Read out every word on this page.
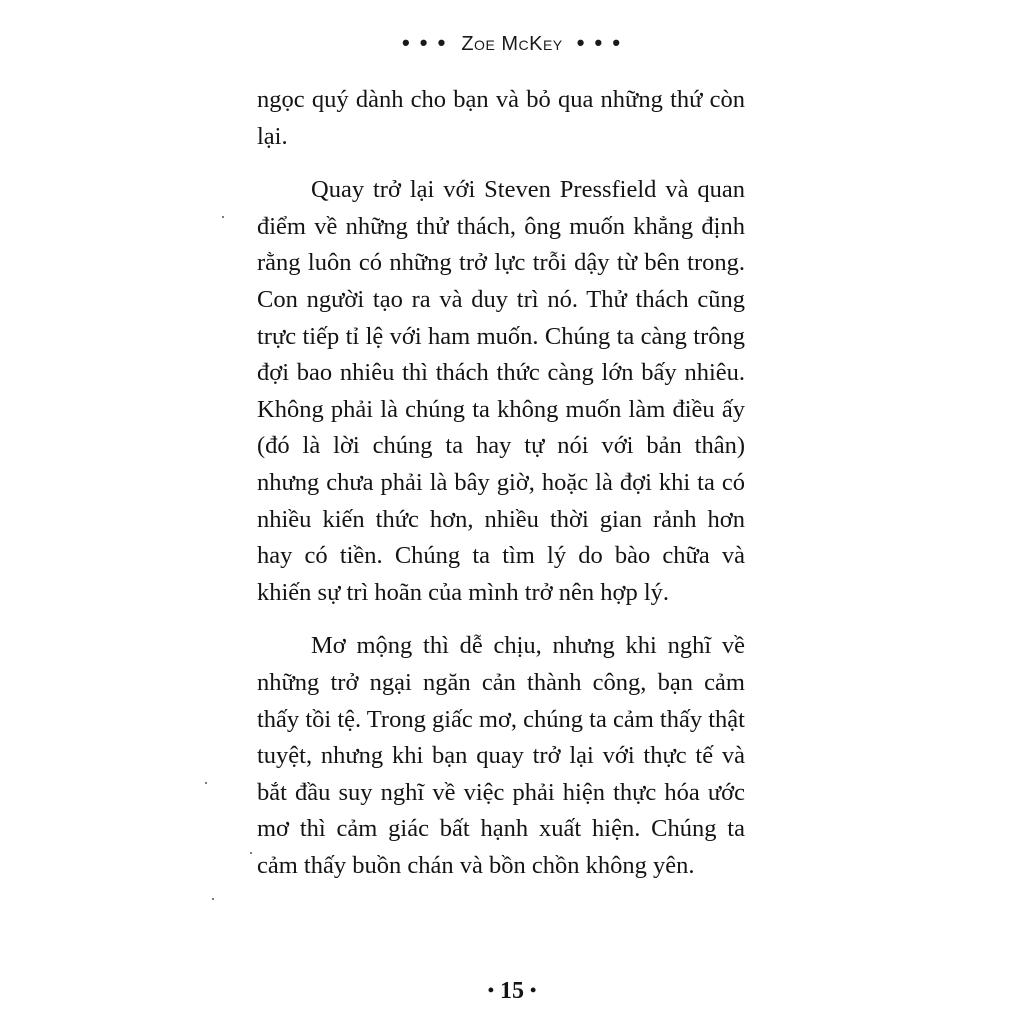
• • • Zoe McKey • • •

ngọc quý dành cho bạn và bỏ qua những thứ còn lại.

Quay trở lại với Steven Pressfield và quan điểm về những thử thách, ông muốn khẳng định rằng luôn có những trở lực trỗi dậy từ bên trong. Con người tạo ra và duy trì nó. Thử thách cũng trực tiếp tỉ lệ với ham muốn. Chúng ta càng trông đợi bao nhiêu thì thách thức càng lớn bấy nhiêu. Không phải là chúng ta không muốn làm điều ấy (đó là lời chúng ta hay tự nói với bản thân) nhưng chưa phải là bây giờ, hoặc là đợi khi ta có nhiều kiến thức hơn, nhiều thời gian rảnh hơn hay có tiền. Chúng ta tìm lý do bào chữa và khiến sự trì hoãn của mình trở nên hợp lý.

Mơ mộng thì dễ chịu, nhưng khi nghĩ về những trở ngại ngăn cản thành công, bạn cảm thấy tồi tệ. Trong giấc mơ, chúng ta cảm thấy thật tuyệt, nhưng khi bạn quay trở lại với thực tế và bắt đầu suy nghĩ về việc phải hiện thực hóa ước mơ thì cảm giác bất hạnh xuất hiện. Chúng ta cảm thấy buồn chán và bồn chồn không yên.

• 15 •
